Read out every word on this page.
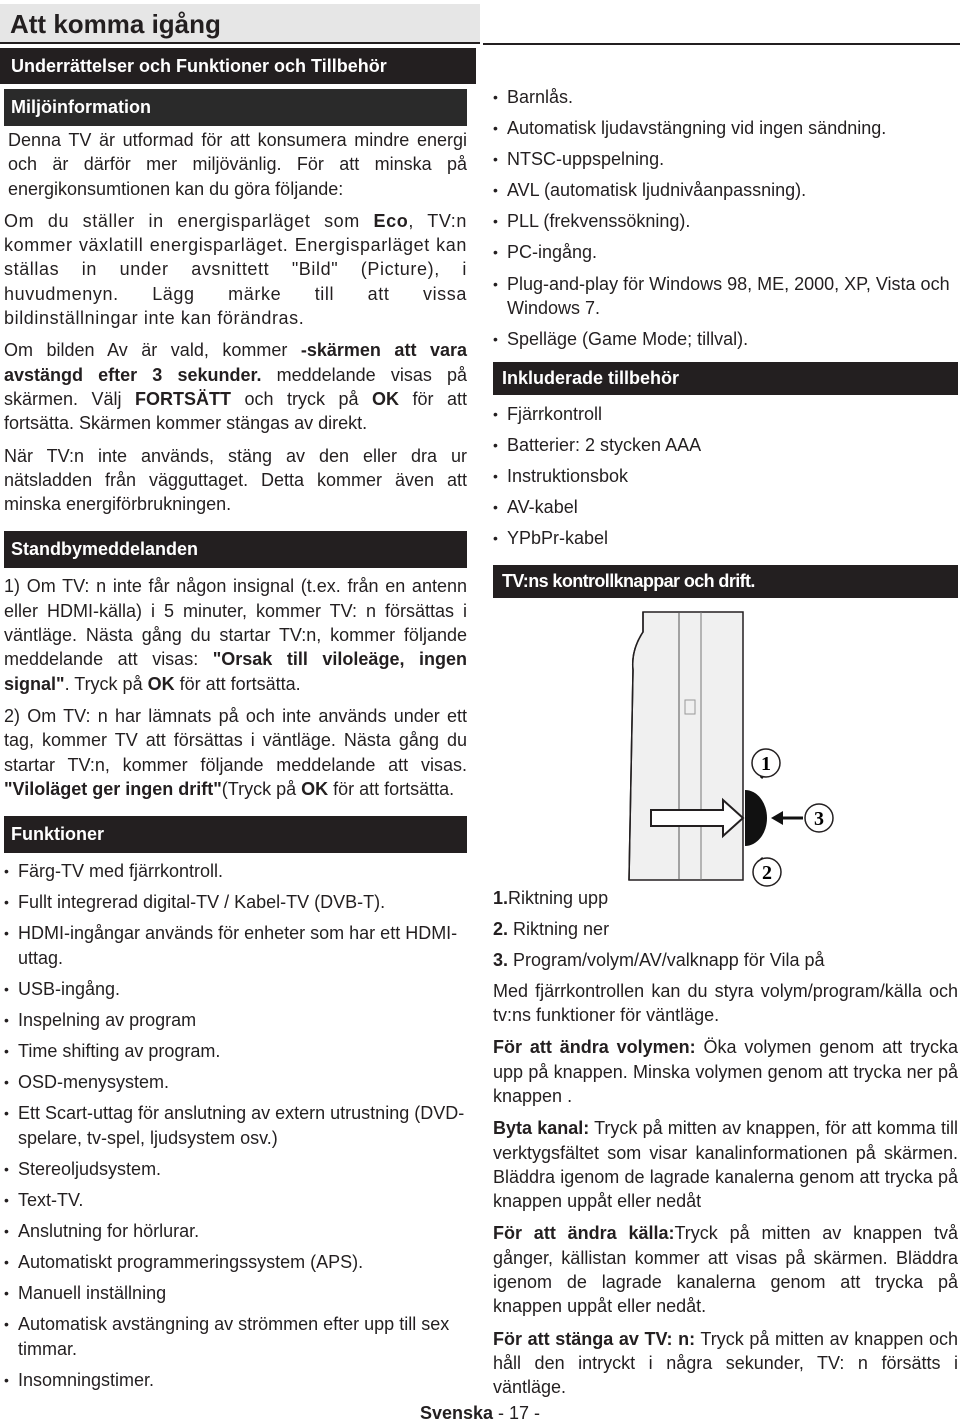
Att komma igång
Underrättelser och Funktioner och Tillbehör
Miljöinformation

Denna TV är utformad för att konsumera mindre energi och är därför mer miljövänlig. För att minska på energikonsumtionen kan du göra följande:

Om du ställer in energisparläget som Eco, TV:n kommer växlatill energisparläget. Energisparläget kan ställas in under avsnittett "Bild" (Picture), i huvudmenyn. Lägg märke till att vissa bildinställningar inte kan förändras.

Om bilden Av är vald, kommer -skärmen att vara avstängd efter 3 sekunder. meddelande visas på skärmen. Välj FORTSÄTT och tryck på OK för att fortsätta. Skärmen kommer stängas av direkt.

När TV:n inte används, stäng av den eller dra ur nätsladden från vägguttaget. Detta kommer även att minska energiförbrukningen.

Standbymeddelanden

1) Om TV: n inte får någon insignal (t.ex. från en antenn eller HDMI-källa) i 5 minuter, kommer TV: n försättas i väntläge. Nästa gång du startar TV:n, kommer följande meddelande att visas: "Orsak till viloleäge, ingen signal". Tryck på OK för att fortsätta.

2) Om TV: n har lämnats på och inte används under ett tag, kommer TV att försättas i väntläge. Nästa gång du startar TV:n, kommer följande meddelande att visas. "Viloläget ger ingen drift"(Tryck på OK för att fortsätta.

Funktioner
• Färg-TV med fjärrkontroll.
• Fullt integrerad digital-TV / Kabel-TV (DVB-T).
• HDMI-ingångar används för enheter som har ett HDMI-uttag.
• USB-ingång.
• Inspelning av program
• Time shifting av program.
• OSD-menysystem.
• Ett Scart-uttag för anslutning av extern utrustning (DVD-spelare, tv-spel, ljudsystem osv.)
• Stereoljudsystem.
• Text-TV.
• Anslutning for hörlurar.
• Automatiskt programmeringssystem (APS).
• Manuell inställning
• Automatisk avstängning av strömmen efter upp till sex timmar.
• Insomningstimer.
• Barnlås.
• Automatisk ljudavstängning vid ingen sändning.
• NTSC-uppspelning.
• AVL (automatisk ljudnivåanpassning).
• PLL (frekvenssökning).
• PC-ingång.
• Plug-and-play för Windows 98, ME, 2000, XP, Vista och Windows 7.
• Spelläge (Game Mode; tillval).
Inkluderade tillbehör
• Fjärrkontroll
• Batterier: 2 stycken AAA
• Instruktionsbok
• AV-kabel
• YPbPr-kabel
TV:ns kontrollknappar och drift.
1
3
2
1.Riktning upp
2. Riktning ner
3. Program/volym/AV/valknapp för Vila på

Med fjärrkontrollen kan du styra volym/program/källa och tv:ns funktioner för väntläge.

För att ändra volymen: Öka volymen genom att trycka upp på knappen. Minska volymen genom att trycka ner på knappen .

Byta kanal: Tryck på mitten av knappen, för att komma till verktygsfältet som visar kanalinformationen på skärmen. Bläddra igenom de lagrade kanalerna genom att trycka på knappen uppåt eller nedåt

För att ändra källa:Tryck på mitten av knappen två gånger, källistan kommer att visas på skärmen. Bläddra igenom de lagrade kanalerna genom att trycka på knappen uppåt eller nedåt.

För att stänga av TV: n: Tryck på mitten av knappen och håll den intryckt i några sekunder, TV: n försätts i väntläge.

Svenska - 17 -
